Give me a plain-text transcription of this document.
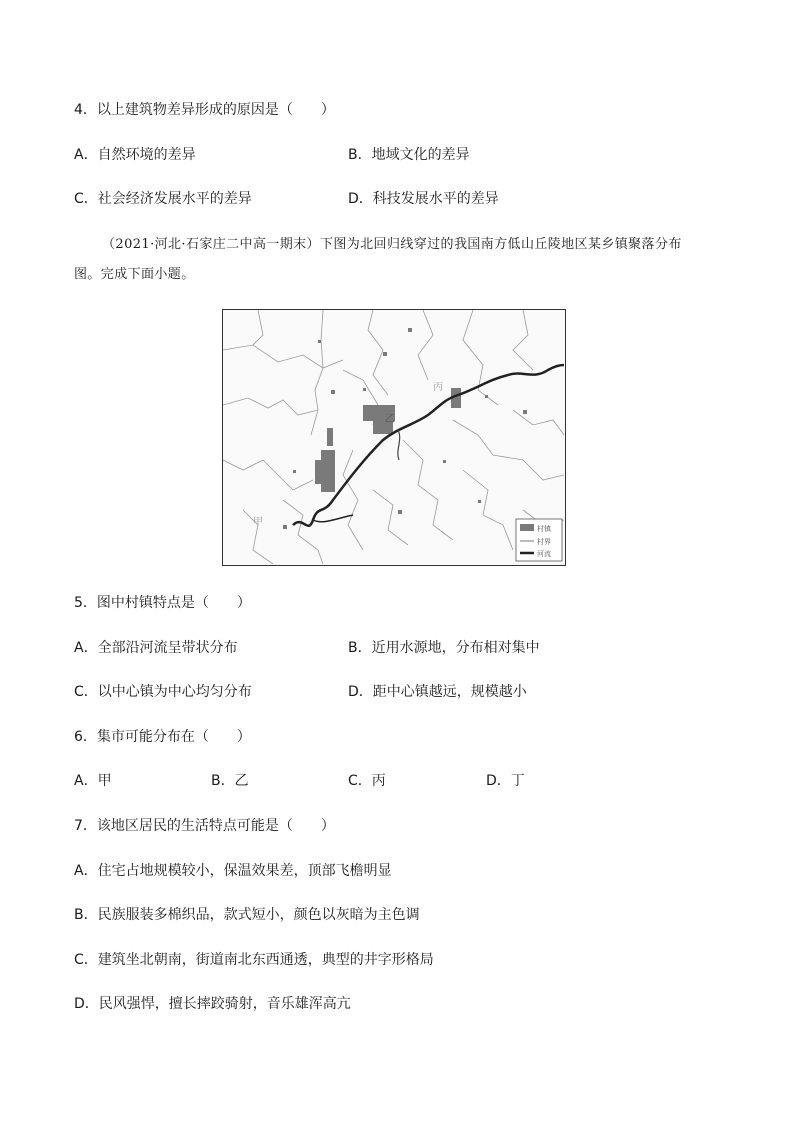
4．以上建筑物差异形成的原因是（　　）
A．自然环境的差异	B．地域文化的差异
C．社会经济发展水平的差异	D．科技发展水平的差异
（2021·河北·石家庄二中高一期末）下图为北回归线穿过的我国南方低山丘陵地区某乡镇聚落分布
图。完成下面小题。
乙
甲
丙
村镇
村界
河流
5．图中村镇特点是（　　）
A．全部沿河流呈带状分布	B．近用水源地，分布相对集中
C．以中心镇为中心均匀分布	D．距中心镇越远，规模越小
6．集市可能分布在（　　）
A．甲	B．乙	C．丙	D．丁
7．该地区居民的生活特点可能是（　　）
A．住宅占地规模较小，保温效果差，顶部飞檐明显
B．民族服装多棉织品，款式短小，颜色以灰暗为主色调
C．建筑坐北朝南，街道南北东西通透，典型的井字形格局
D．民风强悍，擅长摔跤骑射，音乐雄浑高亢
